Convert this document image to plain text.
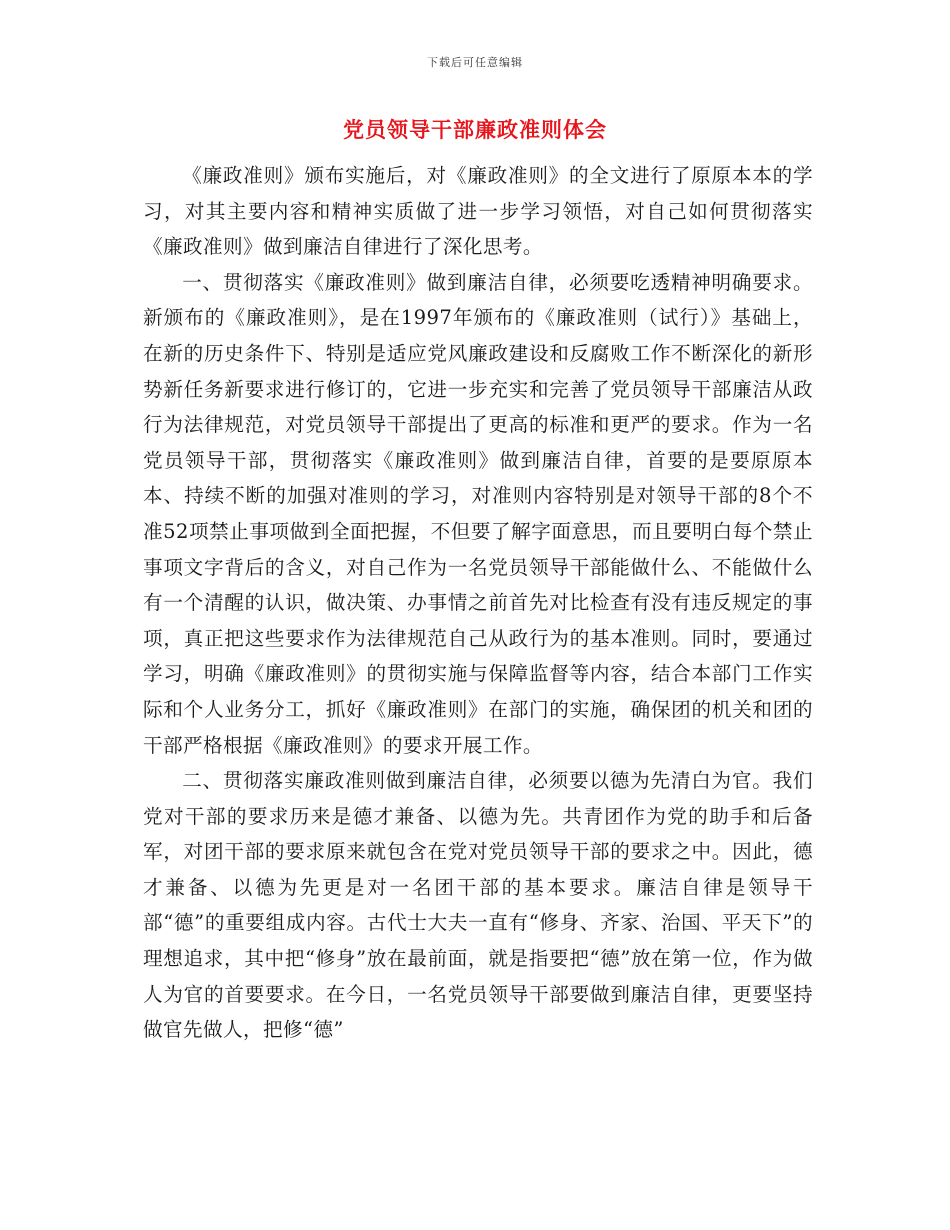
下载后可任意编辑
党员领导干部廉政准则体会

《廉政准则》颁布实施后，对《廉政准则》的全文进行了原原本本的学习，对其主要内容和精神实质做了进一步学习领悟，对自己如何贯彻落实《廉政准则》做到廉洁自律进行了深化思考。

一、贯彻落实《廉政准则》做到廉洁自律，必须要吃透精神明确要求。新颁布的《廉政准则》，是在1997年颁布的《廉政准则（试行）》基础上，在新的历史条件下、特别是适应党风廉政建设和反腐败工作不断深化的新形势新任务新要求进行修订的，它进一步充实和完善了党员领导干部廉洁从政行为法律规范，对党员领导干部提出了更高的标准和更严的要求。作为一名党员领导干部，贯彻落实《廉政准则》做到廉洁自律，首要的是要原原本本、持续不断的加强对准则的学习，对准则内容特别是对领导干部的8个不准52项禁止事项做到全面把握，不但要了解字面意思，而且要明白每个禁止事项文字背后的含义，对自己作为一名党员领导干部能做什么、不能做什么有一个清醒的认识，做决策、办事情之前首先对比检查有没有违反规定的事项，真正把这些要求作为法律规范自己从政行为的基本准则。同时，要通过学习，明确《廉政准则》的贯彻实施与保障监督等内容，结合本部门工作实际和个人业务分工，抓好《廉政准则》在部门的实施，确保团的机关和团的干部严格根据《廉政准则》的要求开展工作。

二、贯彻落实廉政准则做到廉洁自律，必须要以德为先清白为官。我们党对干部的要求历来是德才兼备、以德为先。共青团作为党的助手和后备军，对团干部的要求原来就包含在党对党员领导干部的要求之中。因此，德才兼备、以德为先更是对一名团干部的基本要求。廉洁自律是领导干部“德”的重要组成内容。古代士大夫一直有“修身、齐家、治国、平天下”的理想追求，其中把“修身”放在最前面，就是指要把“德”放在第一位，作为做人为官的首要要求。在今日，一名党员领导干部要做到廉洁自律，更要坚持做官先做人，把修“德”
